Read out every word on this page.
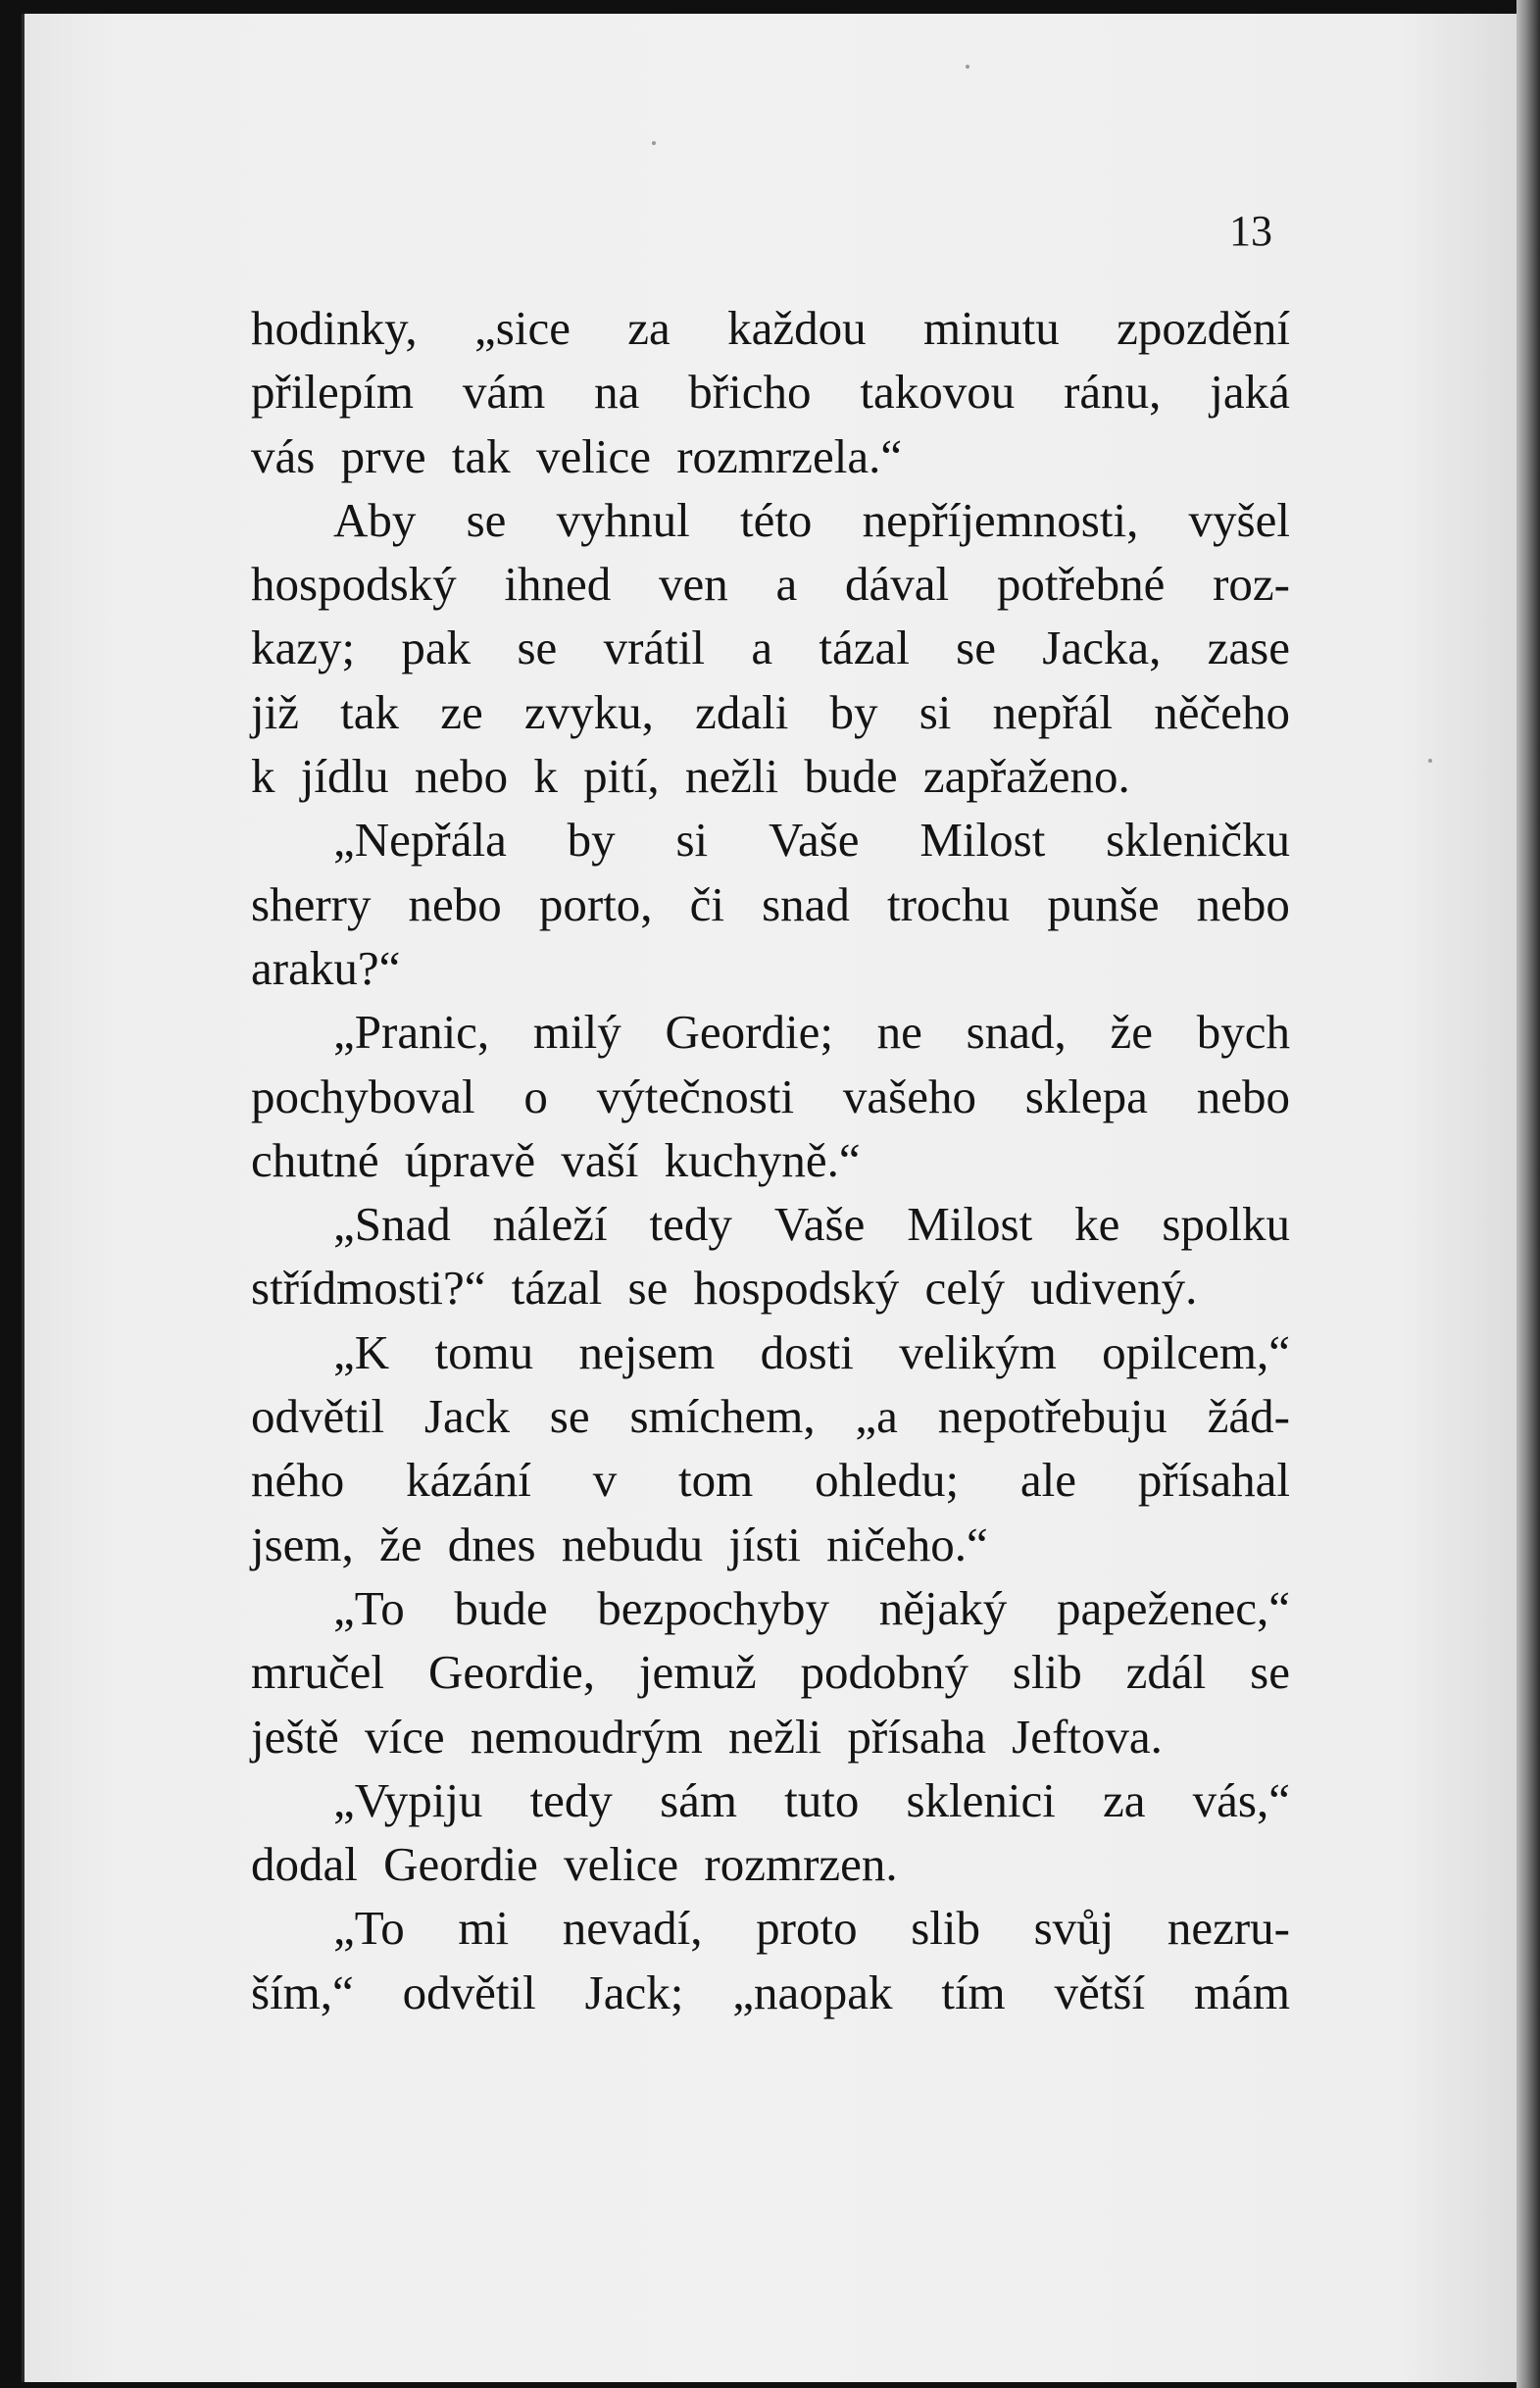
13
hodinky, „sice za každou minutu zpozdění
přilepím vám na břicho takovou ránu, jaká
vás prve tak velice rozmrzela.“
Aby se vyhnul této nepříjemnosti, vyšel
hospodský ihned ven a dával potřebné roz-
kazy; pak se vrátil a tázal se Jacka, zase
již tak ze zvyku, zdali by si nepřál něčeho
k jídlu nebo k pití, nežli bude zapřaženo.
„Nepřála by si Vaše Milost skleničku
sherry nebo porto, či snad trochu punše nebo
araku?“
„Pranic, milý Geordie; ne snad, že bych
pochyboval o výtečnosti vašeho sklepa nebo
chutné úpravě vaší kuchyně.“
„Snad náleží tedy Vaše Milost ke spolku
střídmosti?“ tázal se hospodský celý udivený.
„K tomu nejsem dosti velikým opilcem,“
odvětil Jack se smíchem, „a nepotřebuju žád-
ného kázání v tom ohledu; ale přísahal
jsem, že dnes nebudu jísti ničeho.“
„To bude bezpochyby nějaký papeženec,“
mručel Geordie, jemuž podobný slib zdál se
ještě více nemoudrým nežli přísaha Jeftova.
„Vypiju tedy sám tuto sklenici za vás,“
dodal Geordie velice rozmrzen.
„To mi nevadí, proto slib svůj nezru-
ším,“ odvětil Jack; „naopak tím větší mám
